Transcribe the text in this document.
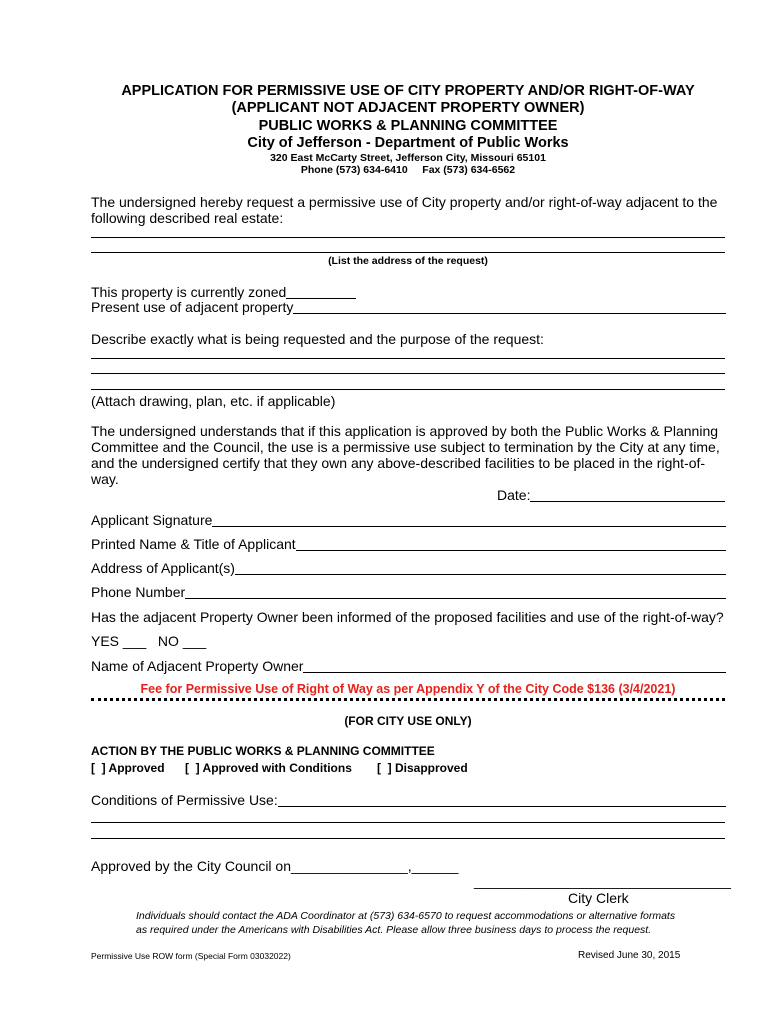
APPLICATION FOR PERMISSIVE USE OF CITY PROPERTY AND/OR RIGHT-OF-WAY
(APPLICANT NOT ADJACENT PROPERTY OWNER)
PUBLIC WORKS & PLANNING COMMITTEE
City of Jefferson - Department of Public Works
320 East McCarty Street, Jefferson City, Missouri 65101
Phone (573) 634-6410 Fax (573) 634-6562
The undersigned hereby request a permissive use of City property and/or right-of-way adjacent to the
following described real estate:
(List the address of the request)
This property is currently zoned
Present use of adjacent property
Describe exactly what is being requested and the purpose of the request:
(Attach drawing, plan, etc. if applicable)
The undersigned understands that if this application is approved by both the Public Works & Planning
Committee and the Council, the use is a permissive use subject to termination by the City at any time,
and the undersigned certify that they own any above-described facilities to be placed in the right-of-
way.
Date:
Applicant Signature
Printed Name & Title of Applicant
Address of Applicant(s)
Phone Number
Has the adjacent Property Owner been informed of the proposed facilities and use of the right-of-way?
YES ___   NO ___
Name of Adjacent Property Owner
Fee for Permissive Use of Right of Way as per Appendix Y of the City Code $136 (3/4/2021)
(FOR CITY USE ONLY)
ACTION BY THE PUBLIC WORKS & PLANNING COMMITTEE
[  ] Approved [  ] Approved with Conditions [  ] Disapproved
Conditions of Permissive Use:
Approved by the City Council on_______________,______
_________________________________
City Clerk
Individuals should contact the ADA Coordinator at (573) 634-6570 to request accommodations or alternative formats
as required under the Americans with Disabilities Act. Please allow three business days to process the request.
Permissive Use ROW form (Special Form 03032022)	Revised June 30, 2015
